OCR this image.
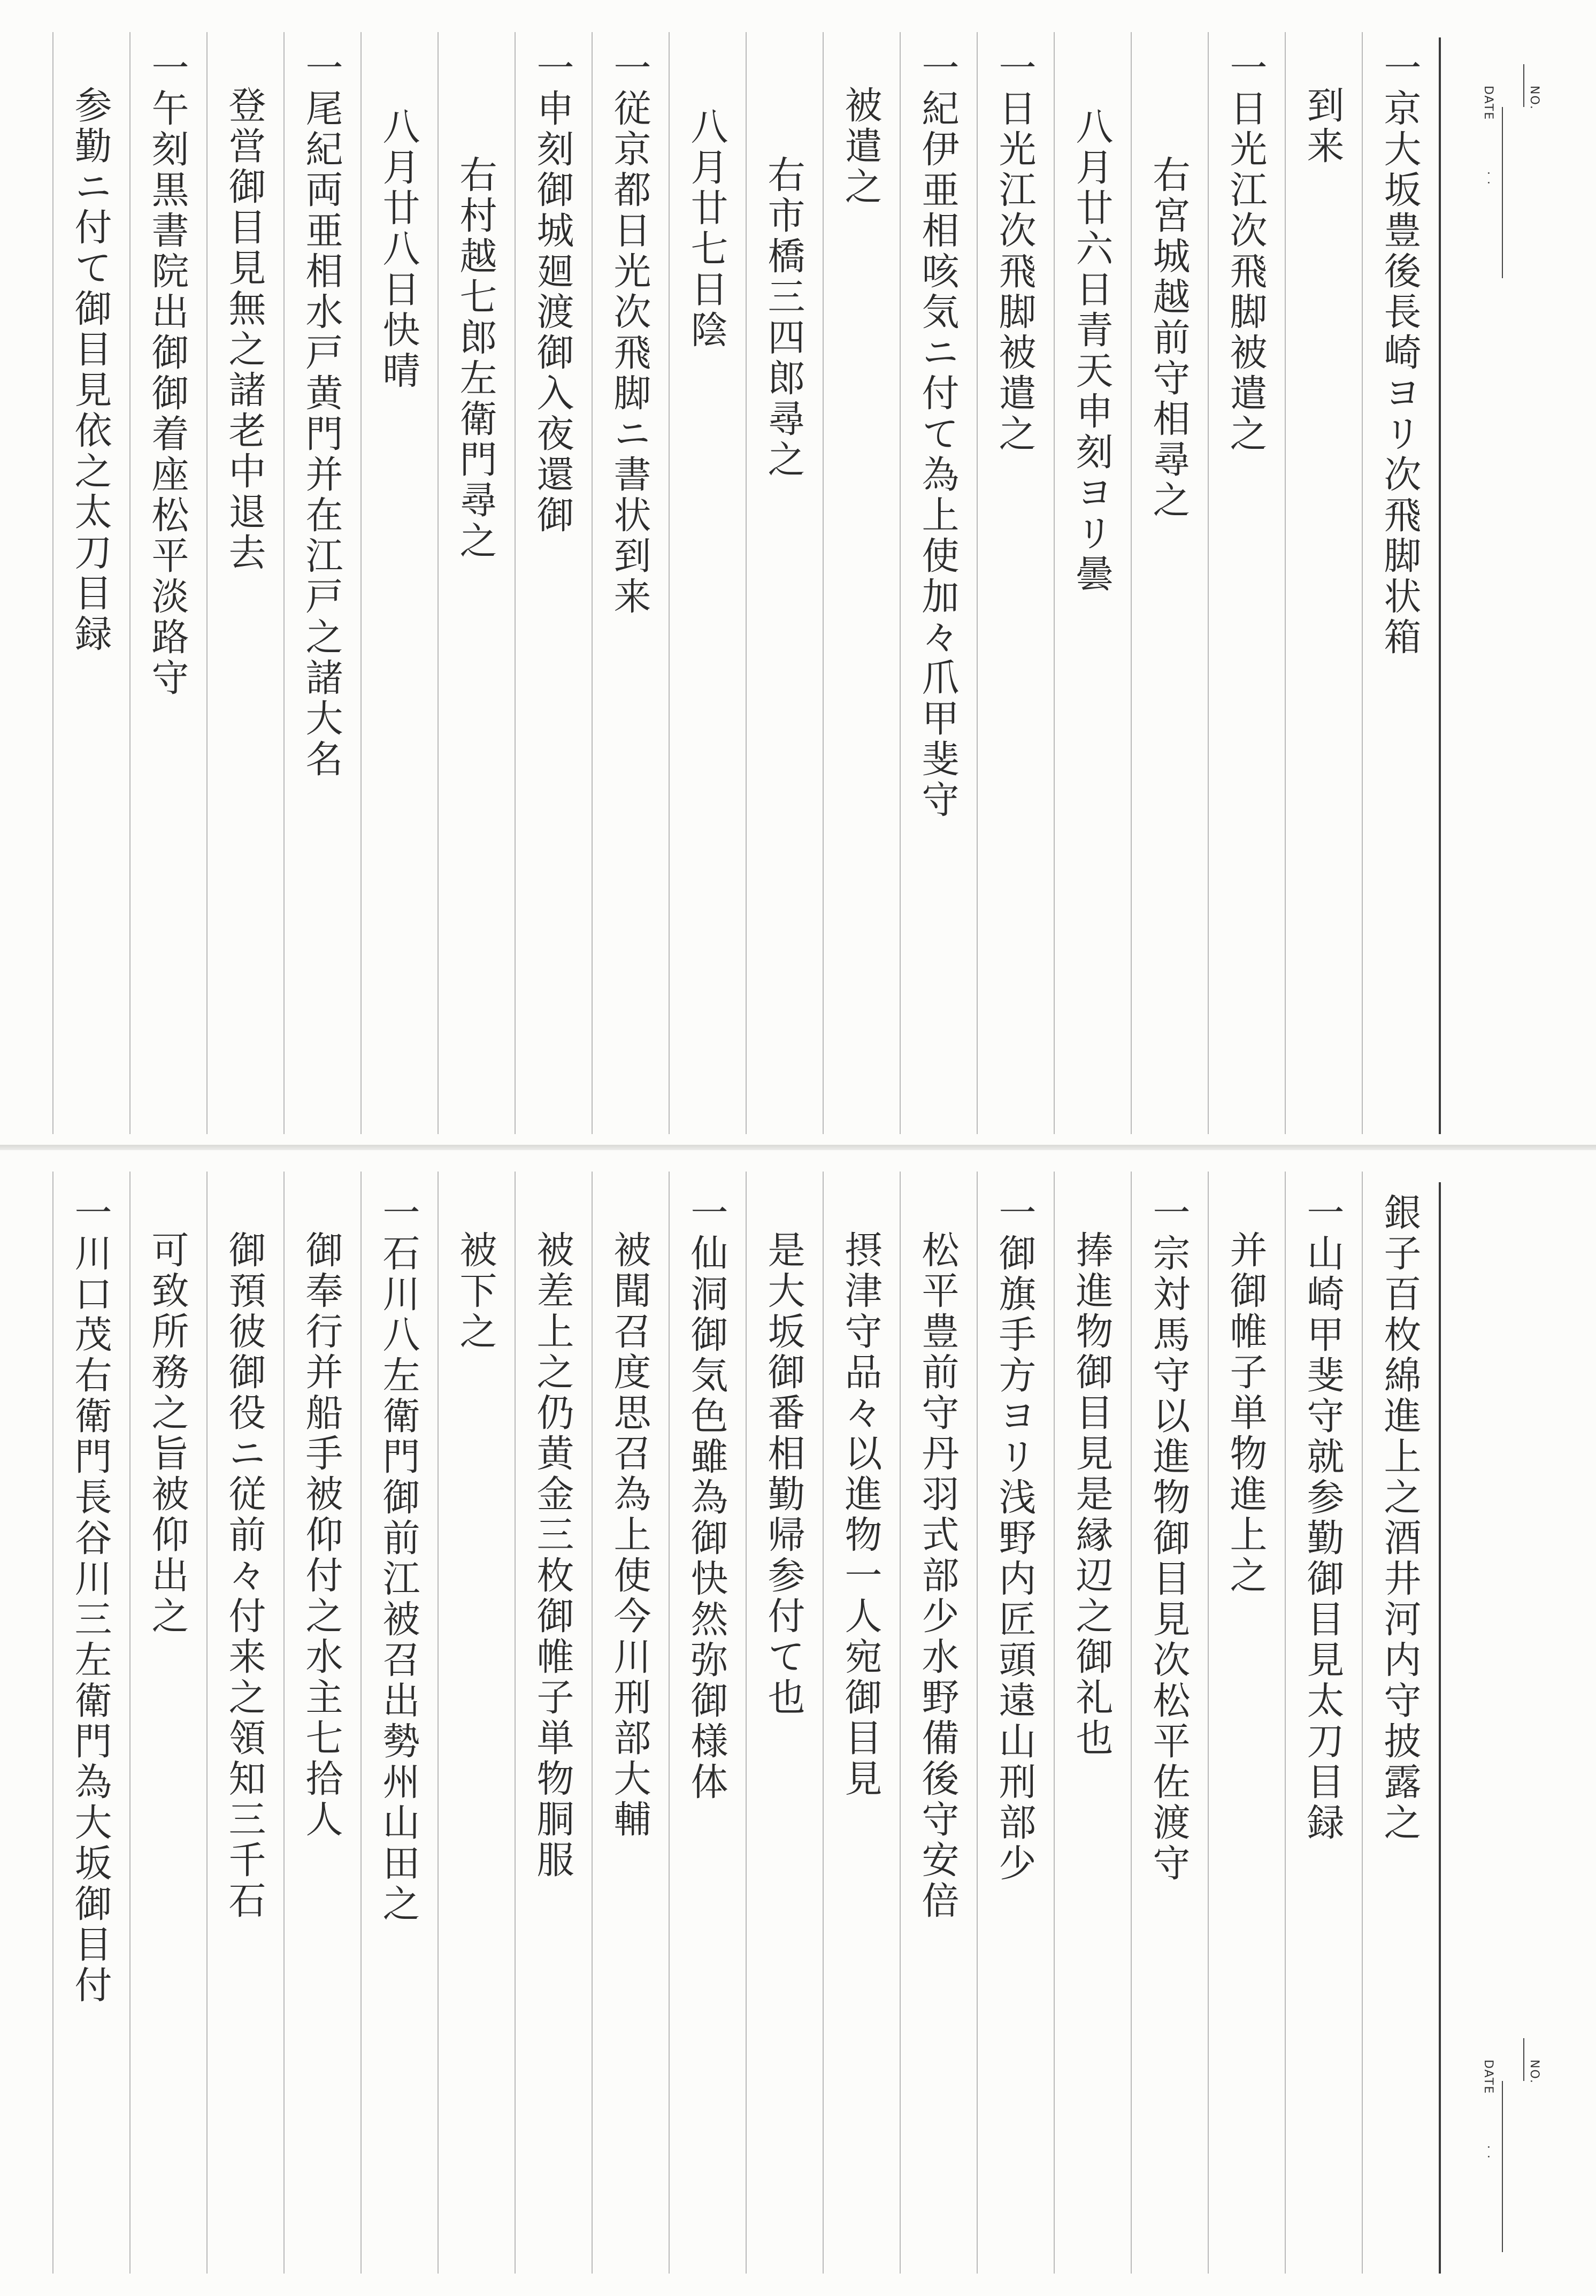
NO.
DATE
. .
一京大坂豊後長崎ヨリ次飛脚状箱
到来
一日光江次飛脚被遣之
右宮城越前守相尋之
八月廿六日青天申刻ヨリ曇
一日光江次飛脚被遣之
一紀伊亜相咳気ニ付て為上使加々爪甲斐守
被遣之
右市橋三四郎尋之
八月廿七日陰
一従京都日光次飛脚ニ書状到来
一申刻御城廻渡御入夜還御
右村越七郎左衛門尋之
八月廿八日快晴
一尾紀両亜相水戸黄門并在江戸之諸大名
登営御目見無之諸老中退去
一午刻黒書院出御御着座松平淡路守
参勤ニ付て御目見依之太刀目録
NO.
DATE
. .
銀子百枚綿進上之酒井河内守披露之
一山崎甲斐守就参勤御目見太刀目録
并御帷子単物進上之
一宗対馬守以進物御目見次松平佐渡守
捧進物御目見是縁辺之御礼也
一御旗手方ヨリ浅野内匠頭遠山刑部少
松平豊前守丹羽式部少水野備後守安倍
摂津守品々以進物一人宛御目見
是大坂御番相勤帰参付て也
一仙洞御気色雖為御快然弥御様体
被聞召度思召為上使今川刑部大輔
被差上之仍黄金三枚御帷子単物胴服
被下之
一石川八左衛門御前江被召出勢州山田之
御奉行并船手被仰付之水主七拾人
御預彼御役ニ従前々付来之領知三千石
可致所務之旨被仰出之
一川口茂右衛門長谷川三左衛門為大坂御目付
